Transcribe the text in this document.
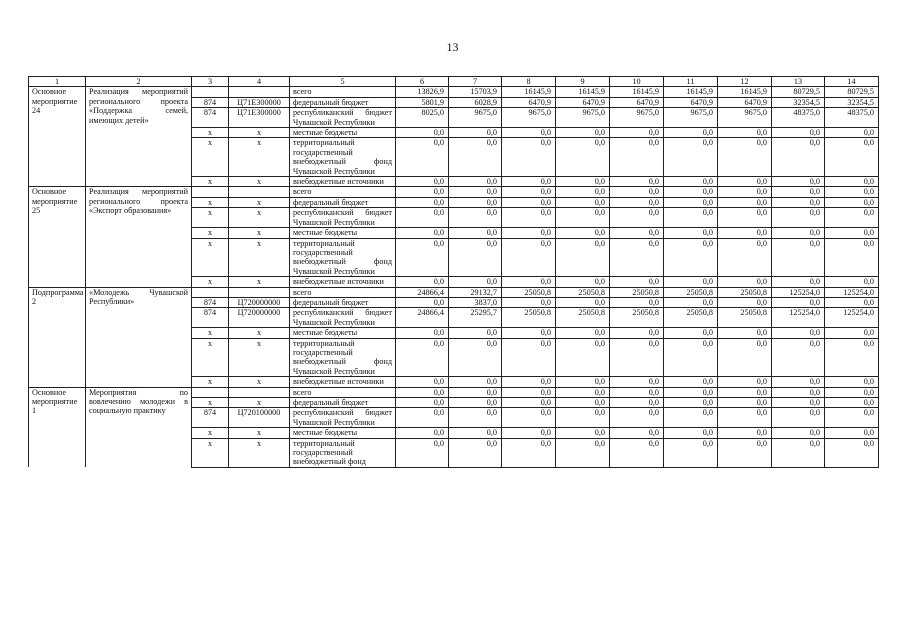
13
1	2	3	4	5	6	7	8	9	10	11	12	13	14
Основное мероприятие 24	Реализация мероприятий регионального проекта «Поддержка семей, имеющих детей»			всего	13826,9	15703,9	16145,9	16145,9	16145,9	16145,9	16145,9	80729,5	80729,5
		874	Ц71Е300000	федеральный бюджет	5801,9	6028,9	6470,9	6470,9	6470,9	6470,9	6470,9	32354,5	32354,5
		874	Ц71Е300000	республиканский бюджет Чувашской Республики	8025,0	9675,0	9675,0	9675,0	9675,0	9675,0	9675,0	48375,0	48375,0
		х	х	местные бюджеты	0,0	0,0	0,0	0,0	0,0	0,0	0,0	0,0	0,0
		х	х	территориальный государственный внебюджетный фонд Чувашской Республики	0,0	0,0	0,0	0,0	0,0	0,0	0,0	0,0	0,0
		х	х	внебюджетные источники	0,0	0,0	0,0	0,0	0,0	0,0	0,0	0,0	0,0
Основное мероприятие 25	Реализация мероприятий регионального проекта «Экспорт образования»			всего	0,0	0,0	0,0	0,0	0,0	0,0	0,0	0,0	0,0
		х	х	федеральный бюджет	0,0	0,0	0,0	0,0	0,0	0,0	0,0	0,0	0,0
		х	х	республиканский бюджет Чувашской Республики	0,0	0,0	0,0	0,0	0,0	0,0	0,0	0,0	0,0
		х	х	местные бюджеты	0,0	0,0	0,0	0,0	0,0	0,0	0,0	0,0	0,0
		х	х	территориальный государственный внебюджетный фонд Чувашской Республики	0,0	0,0	0,0	0,0	0,0	0,0	0,0	0,0	0,0
		х	х	внебюджетные источники	0,0	0,0	0,0	0,0	0,0	0,0	0,0	0,0	0,0
Подпрограмма 2	«Молодежь Чувашской Республики»			всего	24866,4	29132,7	25050,8	25050,8	25050,8	25050,8	25050,8	125254,0	125254,0
		874	Ц720000000	федеральный бюджет	0,0	3837,0	0,0	0,0	0,0	0,0	0,0	0,0	0,0
		874	Ц720000000	республиканский бюджет Чувашской Республики	24866,4	25295,7	25050,8	25050,8	25050,8	25050,8	25050,8	125254,0	125254,0
		х	х	местные бюджеты	0,0	0,0	0,0	0,0	0,0	0,0	0,0	0,0	0,0
		х	х	территориальный государственный внебюджетный фонд Чувашской Республики	0,0	0,0	0,0	0,0	0,0	0,0	0,0	0,0	0,0
		х	х	внебюджетные источники	0,0	0,0	0,0	0,0	0,0	0,0	0,0	0,0	0,0
Основное мероприятие 1	Мероприятия по вовлечению молодежи в социальную практику			всего	0,0	0,0	0,0	0,0	0,0	0,0	0,0	0,0	0,0
		х	х	федеральный бюджет	0,0	0,0	0,0	0,0	0,0	0,0	0,0	0,0	0,0
		874	Ц720100000	республиканский бюджет Чувашской Республики	0,0	0,0	0,0	0,0	0,0	0,0	0,0	0,0	0,0
		х	х	местные бюджеты	0,0	0,0	0,0	0,0	0,0	0,0	0,0	0,0	0,0
		х	х	территориальный государственный внебюджетный фонд	0,0	0,0	0,0	0,0	0,0	0,0	0,0	0,0	0,0
